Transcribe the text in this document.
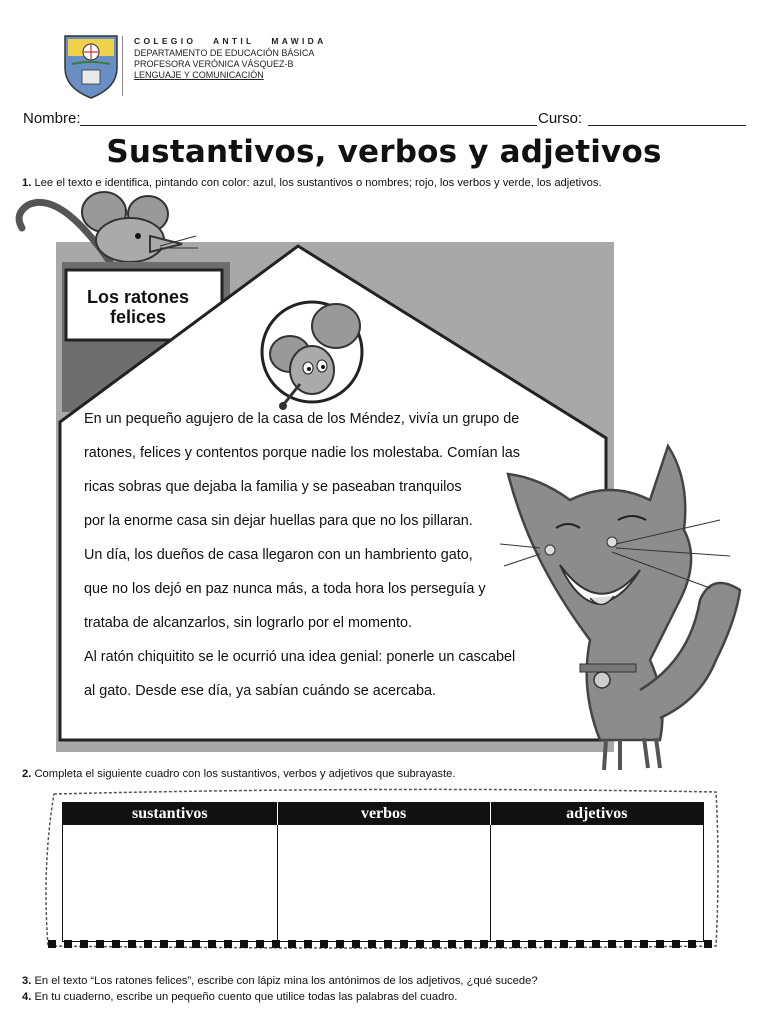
COLEGIO   ANTIL   MAWIDA
DEPARTAMENTO DE EDUCACIÓN BÁSICA
PROFESORA VERÓNICA VÁSQUEZ-B
LENGUAJE Y COMUNICACIÓN
Nombre:	Curso:
Sustantivos, verbos y adjetivos
1. Lee el texto e identifica, pintando con color: azul, los sustantivos o nombres; rojo, los verbos y verde, los adjetivos.
Los ratones
felices
En un pequeño agujero de la casa de los Méndez, vivía un grupo de
ratones, felices y contentos porque nadie los molestaba. Comían las
ricas sobras que dejaba la familia y se paseaban tranquilos
por la enorme casa sin dejar huellas para que no los pillaran.
Un día, los dueños de casa llegaron con un hambriento gato,
que no los dejó en paz nunca más, a toda hora los perseguía y
trataba de alcanzarlos, sin lograrlo por el momento.
Al ratón chiquitito se le ocurrió una idea genial: ponerle un cascabel
al gato. Desde ese día, ya sabían cuándo se acercaba.
2. Completa el siguiente cuadro con los sustantivos, verbos y adjetivos que subrayaste.
sustantivos	verbos	adjetivos

3. En el texto “Los ratones felices”, escribe con lápiz mina los antónimos de los adjetivos, ¿qué sucede?
4. En tu cuaderno, escribe un pequeño cuento que utilice todas las palabras del cuadro.
